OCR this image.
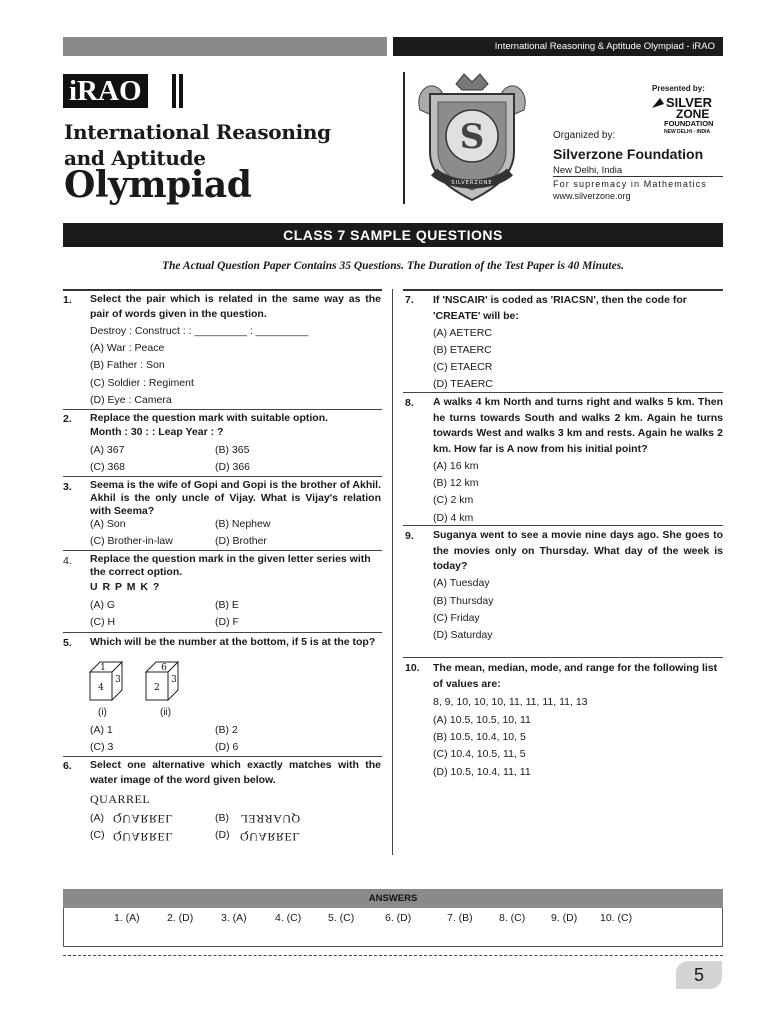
International Reasoning & Aptitude Olympiad - iRAO
iRAO
International Reasoning
and Aptitude
Olympiad
S
SILVERZONE
Presented by:
SILVER
ZONE
FOUNDATION
NEW DELHI - INDIA
Organized by:
Silverzone Foundation
New Delhi, India
For supremacy in Mathematics
www.silverzone.org
CLASS 7 SAMPLE QUESTIONS
The Actual Question Paper Contains 35 Questions. The Duration of the Test Paper is 40 Minutes.
1. Select the pair which is related in the same way as the pair of words given in the question.
Destroy : Construct : : _________ : _________
(A) War : Peace
(B) Father : Son
(C) Soldier : Regiment
(D) Eye : Camera
2. Replace the question mark with suitable option.
Month : 30 : : Leap Year : ?
(A) 367	(B) 365
(C) 368	(D) 366
3. Seema is the wife of Gopi and Gopi is the brother of Akhil. Akhil is the only uncle of Vijay. What is Vijay's relation with Seema?
(A) Son	(B) Nephew
(C) Brother-in-law	(D) Brother
4. Replace the question mark in the given letter series with the correct option.
U R P M K ?
(A) G	(B) E
(C) H	(D) F
5. Which will be the number at the bottom, if 5 is at the top?
1
4
3
6
2
3
(i)	(ii)
(A) 1	(B) 2
(C) 3	(D) 6
6. Select one alternative which exactly matches with the water image of the word given below.
QUARREL
(A) QUARREL	(B) QUARREL
(C) QUARREL	(D) QUARREL
7. If 'NSCAIR' is coded as 'RIACSN', then the code for 'CREATE' will be:
(A) AETERC
(B) ETAERC
(C) ETAECR
(D) TEAERC
8. A walks 4 km North and turns right and walks 5 km. Then he turns towards South and walks 2 km. Again he turns towards West and walks 3 km and rests. Again he walks 2 km. How far is A now from his initial point?
(A) 16 km
(B) 12 km
(C) 2 km
(D) 4 km
9. Suganya went to see a movie nine days ago. She goes to the movies only on Thursday. What day of the week is today?
(A) Tuesday
(B) Thursday
(C) Friday
(D) Saturday
10. The mean, median, mode, and range for the following list of values are:
8, 9, 10, 10, 10, 11, 11, 11, 11, 13
(A) 10.5, 10.5, 10, 11
(B) 10.5, 10.4, 10, 5
(C) 10.4, 10.5, 11, 5
(D) 10.5, 10.4, 11, 11
ANSWERS
1. (A)	2. (D)	3. (A)	4. (C)	5. (C)	6. (D)	7. (B)	8. (C) 9. (D) 10. (C)
5
